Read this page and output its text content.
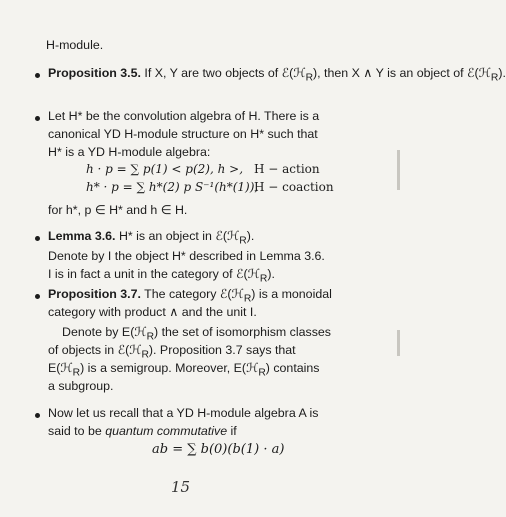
H-module.
Proposition 3.5. If X, Y are two objects of ℰ(ℋ$_R$), then X ∧ Y is an object of ℰ(ℋ$_R$).
Let H* be the convolution algebra of H. There is a
canonical YD H-module structure on H* such that
H* is a YD H-module algebra:
h · p = ∑ p(1) < p(2), h >, H − action
h* · p = ∑ h*(2) p S⁻¹(h*(1)),
H − coaction
for h*, p ∈ H* and h ∈ H.
Lemma 3.6. H* is an object in ℰ(ℋ$_R$).
Denote by I the object H* described in Lemma 3.6.
I is in fact a unit in the category of ℰ(ℋ$_R$).
Proposition 3.7. The category ℰ(ℋ$_R$) is a monoidal
category with product ∧ and the unit I.
Denote by E(ℋ$_R$) the set of isomorphism classes
of objects in ℰ(ℋ$_R$). Proposition 3.7 says that
E(ℋ$_R$) is a semigroup. Moreover, E(ℋ$_R$) contains
a subgroup.
Now let us recall that a YD H-module algebra A is
said to be quantum commutative if
ab = ∑ b(0)(b(1) · a)
15
